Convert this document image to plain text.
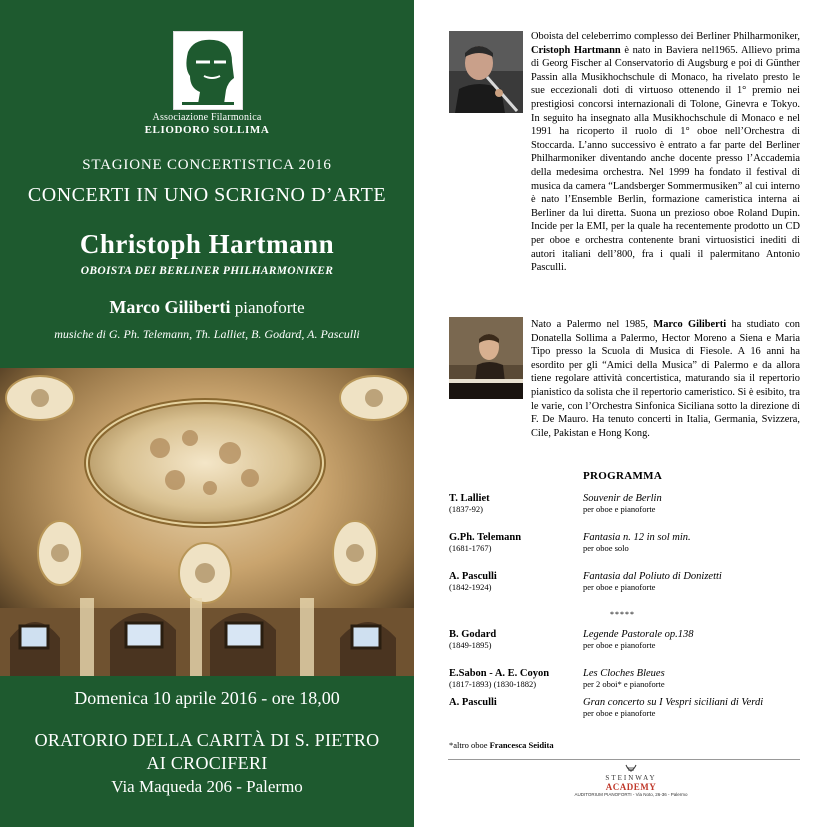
Associazione Filarmonica
ELIODORO SOLLIMA
STAGIONE CONCERTISTICA 2016
CONCERTI IN UNO SCRIGNO D’ARTE
Christoph Hartmann
OBOISTA DEI BERLINER PHILHARMONIKER
Marco Giliberti pianoforte
musiche di G. Ph. Telemann, Th. Lalliet, B. Godard, A. Pasculli
Domenica 10 aprile 2016 - ore 18,00
ORATORIO DELLA CARITÀ DI S. PIETRO
AI CROCIFERI
Via Maqueda 206 - Palermo

Oboista del celeberrimo complesso dei Berliner Philharmoniker, Cristoph Hartmann è nato in Baviera nel1965. Allievo prima di Georg Fischer al Conservatorio di Augsburg e poi di Günther Passin alla Musikhochschule di Monaco, ha rivelato presto le sue eccezionali doti di virtuoso ottenendo il 1° premio nei prestigiosi concorsi internazionali di Tolone, Ginevra e Tokyo. In seguito ha insegnato alla Musikhochschule di Monaco e nel 1991 ha ricoperto il ruolo di 1° oboe nell’Orchestra di Stoccarda. L’anno successivo è entrato a far parte del Berliner Philharmoniker diventando anche docente presso l’Accademia della medesima orchestra. Nel 1999 ha fondato il festival di musica da camera “Landsberger Sommermusiken” al cui interno è nato l’Ensemble Berlin, formazione cameristica interna ai Berliner da lui diretta. Suona un prezioso oboe Roland Dupin. Incide per la EMI, per la quale ha recentemente prodotto un CD per oboe e orchestra contenente brani virtuosistici inediti di autori italiani dell’800, fra i quali il palermitano Antonio Pasculli.

Nato a Palermo nel 1985, Marco Giliberti ha studiato con Donatella Sollima a Palermo, Hector Moreno a Siena e Maria Tipo presso la Scuola di Musica di Fiesole. A 16 anni ha esordito per gli “Amici della Musica” di Palermo e da allora tiene regolare attività concertistica, maturando sia il repertorio pianistico da solista che il repertorio cameristico. Si è esibito, tra le varie, con l’Orchestra Sinfonica Siciliana sotto la direzione di F. De Mauro. Ha tenuto concerti in Italia, Germania, Svizzera, Cile, Pakistan e Hong Kong.

PROGRAMMA
T. Lalliet
(1837-92)
Souvenir de Berlin
per oboe e pianoforte
G.Ph. Telemann
(1681-1767)
Fantasia n. 12 in sol min.
per oboe solo
A. Pasculli
(1842-1924)
Fantasia dal Poliuto di Donizetti
per oboe e pianoforte
*****
B. Godard
(1849-1895)
Legende Pastorale op.138
per oboe e pianoforte
E.Sabon - A. E. Coyon
(1817-1893) (1830-1882)
Les Cloches Bleues
per 2 oboi* e pianoforte
A. Pasculli	Gran concerto su I Vespri siciliani di Verdi
per oboe e pianoforte
*altro oboe Francesca Seidita
STEINWAY
ACADEMY
AUDITORIUM PIANOFORTI - Via Noto, 26-36 - Palermo
